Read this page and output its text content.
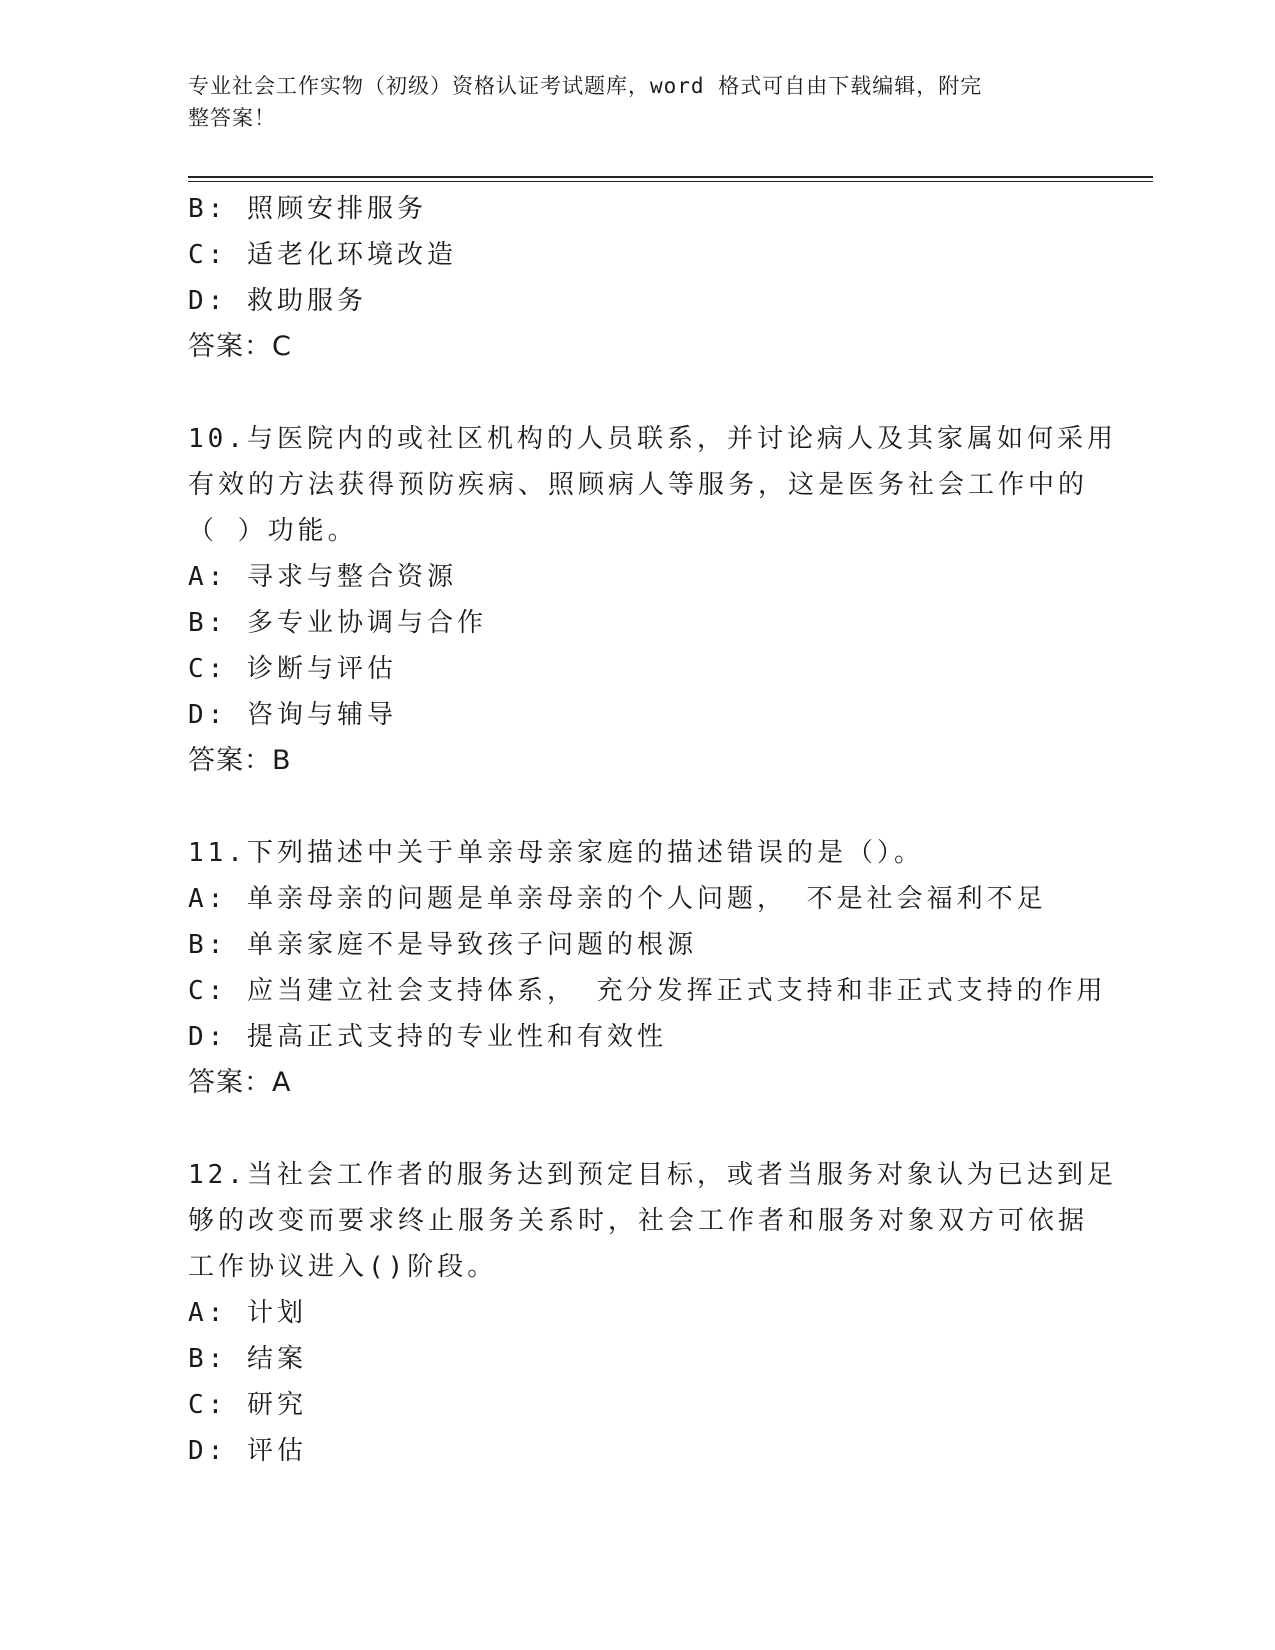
专业社会工作实物（初级）资格认证考试题库，word 格式可自由下载编辑，附完
整答案！
B: 照顾安排服务
C: 适老化环境改造
D: 救助服务
答案：C
10.与医院内的或社区机构的人员联系，并讨论病人及其家属如何采用
有效的方法获得预防疾病、照顾病人等服务，这是医务社会工作中的
（ ）功能。
A: 寻求与整合资源
B: 多专业协调与合作
C: 诊断与评估
D: 咨询与辅导
答案：B
11.下列描述中关于单亲母亲家庭的描述错误的是（）。
A: 单亲母亲的问题是单亲母亲的个人问题， 不是社会福利不足
B: 单亲家庭不是导致孩子问题的根源
C: 应当建立社会支持体系， 充分发挥正式支持和非正式支持的作用
D: 提高正式支持的专业性和有效性
答案：A
12.当社会工作者的服务达到预定目标，或者当服务对象认为已达到足
够的改变而要求终止服务关系时，社会工作者和服务对象双方可依据
工作协议进入()阶段。
A: 计划
B: 结案
C: 研究
D: 评估
